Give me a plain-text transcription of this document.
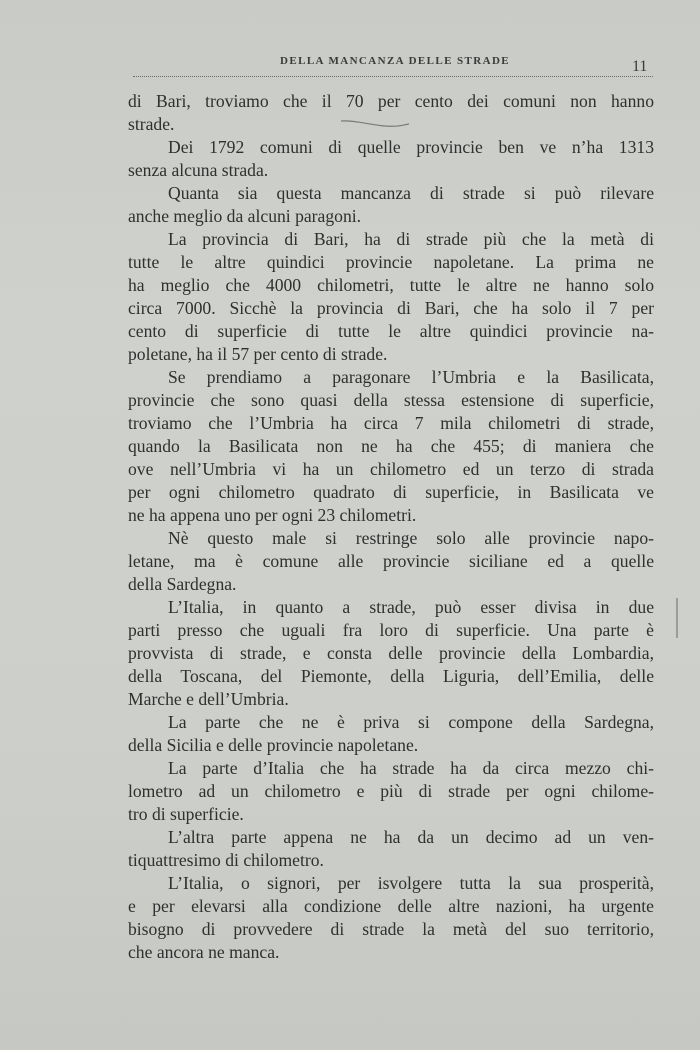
DELLA MANCANZA DELLE STRADE	11

di Bari, troviamo che il 70 per cento dei comuni non hanno
strade.

Dei 1792 comuni di quelle provincie ben ve n’ha 1313
senza alcuna strada.

Quanta sia questa mancanza di strade si può rilevare
anche meglio da alcuni paragoni.

La provincia di Bari, ha di strade più che la metà di
tutte le altre quindici provincie napoletane. La prima ne
ha meglio che 4000 chilometri, tutte le altre ne hanno solo
circa 7000. Sicchè la provincia di Bari, che ha solo il 7 per
cento di superficie di tutte le altre quindici provincie na-
poletane, ha il 57 per cento di strade.

Se prendiamo a paragonare l’Umbria e la Basilicata,
provincie che sono quasi della stessa estensione di superficie,
troviamo che l’Umbria ha circa 7 mila chilometri di strade,
quando la Basilicata non ne ha che 455; di maniera che
ove nell’Umbria vi ha un chilometro ed un terzo di strada
per ogni chilometro quadrato di superficie, in Basilicata ve
ne ha appena uno per ogni 23 chilometri.

Nè questo male si restringe solo alle provincie napo-
letane, ma è comune alle provincie siciliane ed a quelle
della Sardegna.

L’Italia, in quanto a strade, può esser divisa in due
parti presso che uguali fra loro di superficie. Una parte è
provvista di strade, e consta delle provincie della Lombardia,
della Toscana, del Piemonte, della Liguria, dell’Emilia, delle
Marche e dell’Umbria.

La parte che ne è priva si compone della Sardegna,
della Sicilia e delle provincie napoletane.

La parte d’Italia che ha strade ha da circa mezzo chi-
lometro ad un chilometro e più di strade per ogni chilome-
tro di superficie.

L’altra parte appena ne ha da un decimo ad un ven-
tiquattresimo di chilometro.

L’Italia, o signori, per isvolgere tutta la sua prosperità,
e per elevarsi alla condizione delle altre nazioni, ha urgente
bisogno di provvedere di strade la metà del suo territorio,
che ancora ne manca.
